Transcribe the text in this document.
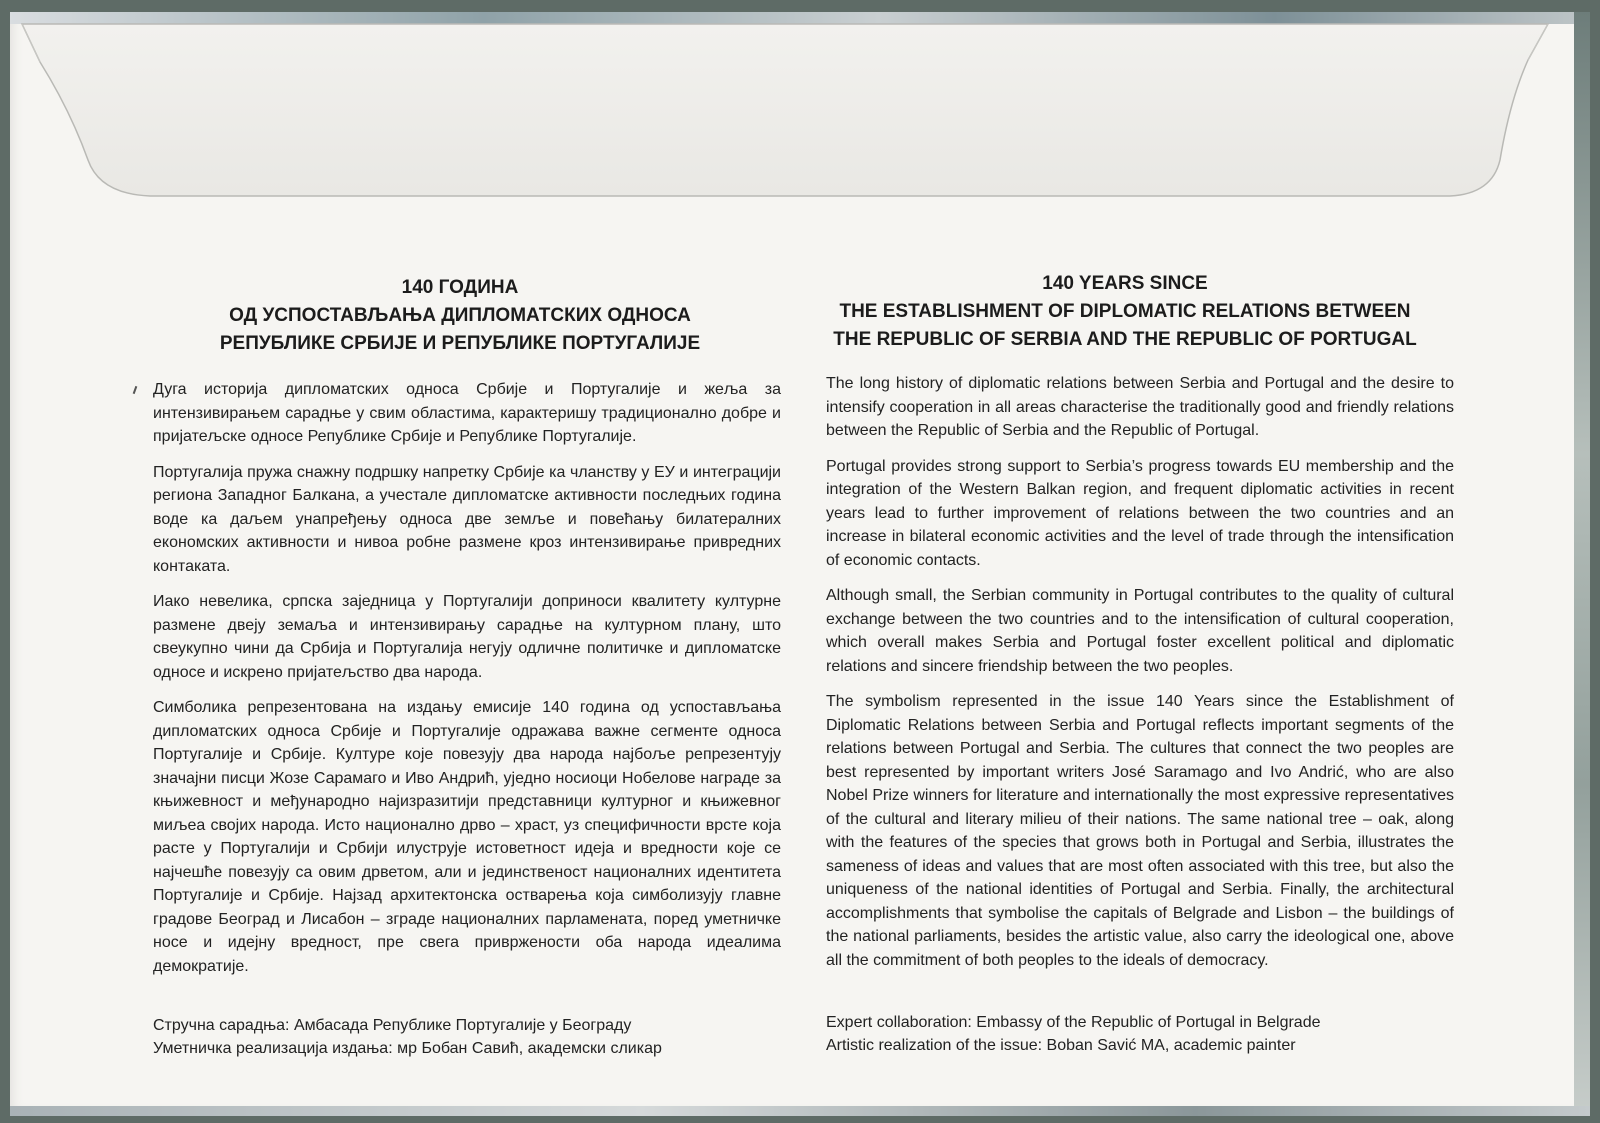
140 ГОДИНА
ОД УСПОСТАВЉАЊА ДИПЛОМАТСКИХ ОДНОСА
РЕПУБЛИКЕ СРБИЈЕ И РЕПУБЛИКЕ ПОРТУГАЛИЈЕ
140 YEARS SINCE
THE ESTABLISHMENT OF DIPLOMATIC RELATIONS BETWEEN
THE REPUBLIC OF SERBIA AND THE REPUBLIC OF PORTUGAL

Дуга историја дипломатских односа Србије и Португалије и жеља за интензивирањем сарадње у свим областима, карактеришу традиционално добре и пријатељске односе Републике Србије и Републике Португалије.

Португалија пружа снажну подршку напретку Србије ка чланству у ЕУ и интеграцији региона Западног Балкана, а учестале дипломатске активности последњих година воде ка даљем унапређењу односа две земље и повећању билатералних економских активности и нивоа робне размене кроз интензивирање привредних контаката.

Иако невелика, српска заједница у Португалији доприноси квалитету културне размене двеју земаља и интензивирању сарадње на културном плану, што свеукупно чини да Србија и Португалија негују одличне политичке и дипломатске односе и искрено пријатељство два народа.

Симболика репрезентована на издању емисије 140 година од успостављања дипломатских односа Србије и Португалије одражава важне сегменте односа Португалије и Србије. Културе које повезују два народа најбоље репрезентују значајни писци Жозе Сарамаго и Иво Андрић, уједно носиоци Нобелове награде за књижевност и међународно најизразитији представници културног и књижевног миљеа својих народа. Исто национално дрво – храст, уз специфичности врсте која расте у Португалији и Србији илуструје истоветност идеја и вредности које се најчешће повезују са овим дрветом, али и јединственост националних идентитета Португалије и Србије. Најзад архитектонска остварења која симболизују главне градове Београд и Лисабон – зграде националних парламената, поред уметничке носе и идејну вредност, пре свега привржености оба народа идеалима демократије.

The long history of diplomatic relations between Serbia and Portugal and the desire to intensify cooperation in all areas characterise the traditionally good and friendly relations between the Republic of Serbia and the Republic of Portugal.

Portugal provides strong support to Serbia’s progress towards EU membership and the integration of the Western Balkan region, and frequent diplomatic activities in recent years lead to further improvement of relations between the two countries and an increase in bilateral economic activities and the level of trade through the intensification of economic contacts.

Although small, the Serbian community in Portugal contributes to the quality of cultural exchange between the two countries and to the intensification of cultural cooperation, which overall makes Serbia and Portugal foster excellent political and diplomatic relations and sincere friendship between the two peoples.

The symbolism represented in the issue 140 Years since the Establishment of Diplomatic Relations between Serbia and Portugal reflects important segments of the relations between Portugal and Serbia. The cultures that connect the two peoples are best represented by important writers José Saramago and Ivo Andrić, who are also Nobel Prize winners for literature and internationally the most expressive representatives of the cultural and literary milieu of their nations. The same national tree – oak, along with the features of the species that grows both in Portugal and Serbia, illustrates the sameness of ideas and values that are most often associated with this tree, but also the uniqueness of the national identities of Portugal and Serbia. Finally, the architectural accomplishments that symbolise the capitals of Belgrade and Lisbon – the buildings of the national parliaments, besides the artistic value, also carry the ideological one, above all the commitment of both peoples to the ideals of democracy.

Стручна сарадња: Амбасада Републике Португалије у Београду
Уметничка реализација издања: мр Бобан Савић, академски сликар
Expert collaboration: Embassy of the Republic of Portugal in Belgrade
Artistic realization of the issue: Boban Savić MA, academic painter
